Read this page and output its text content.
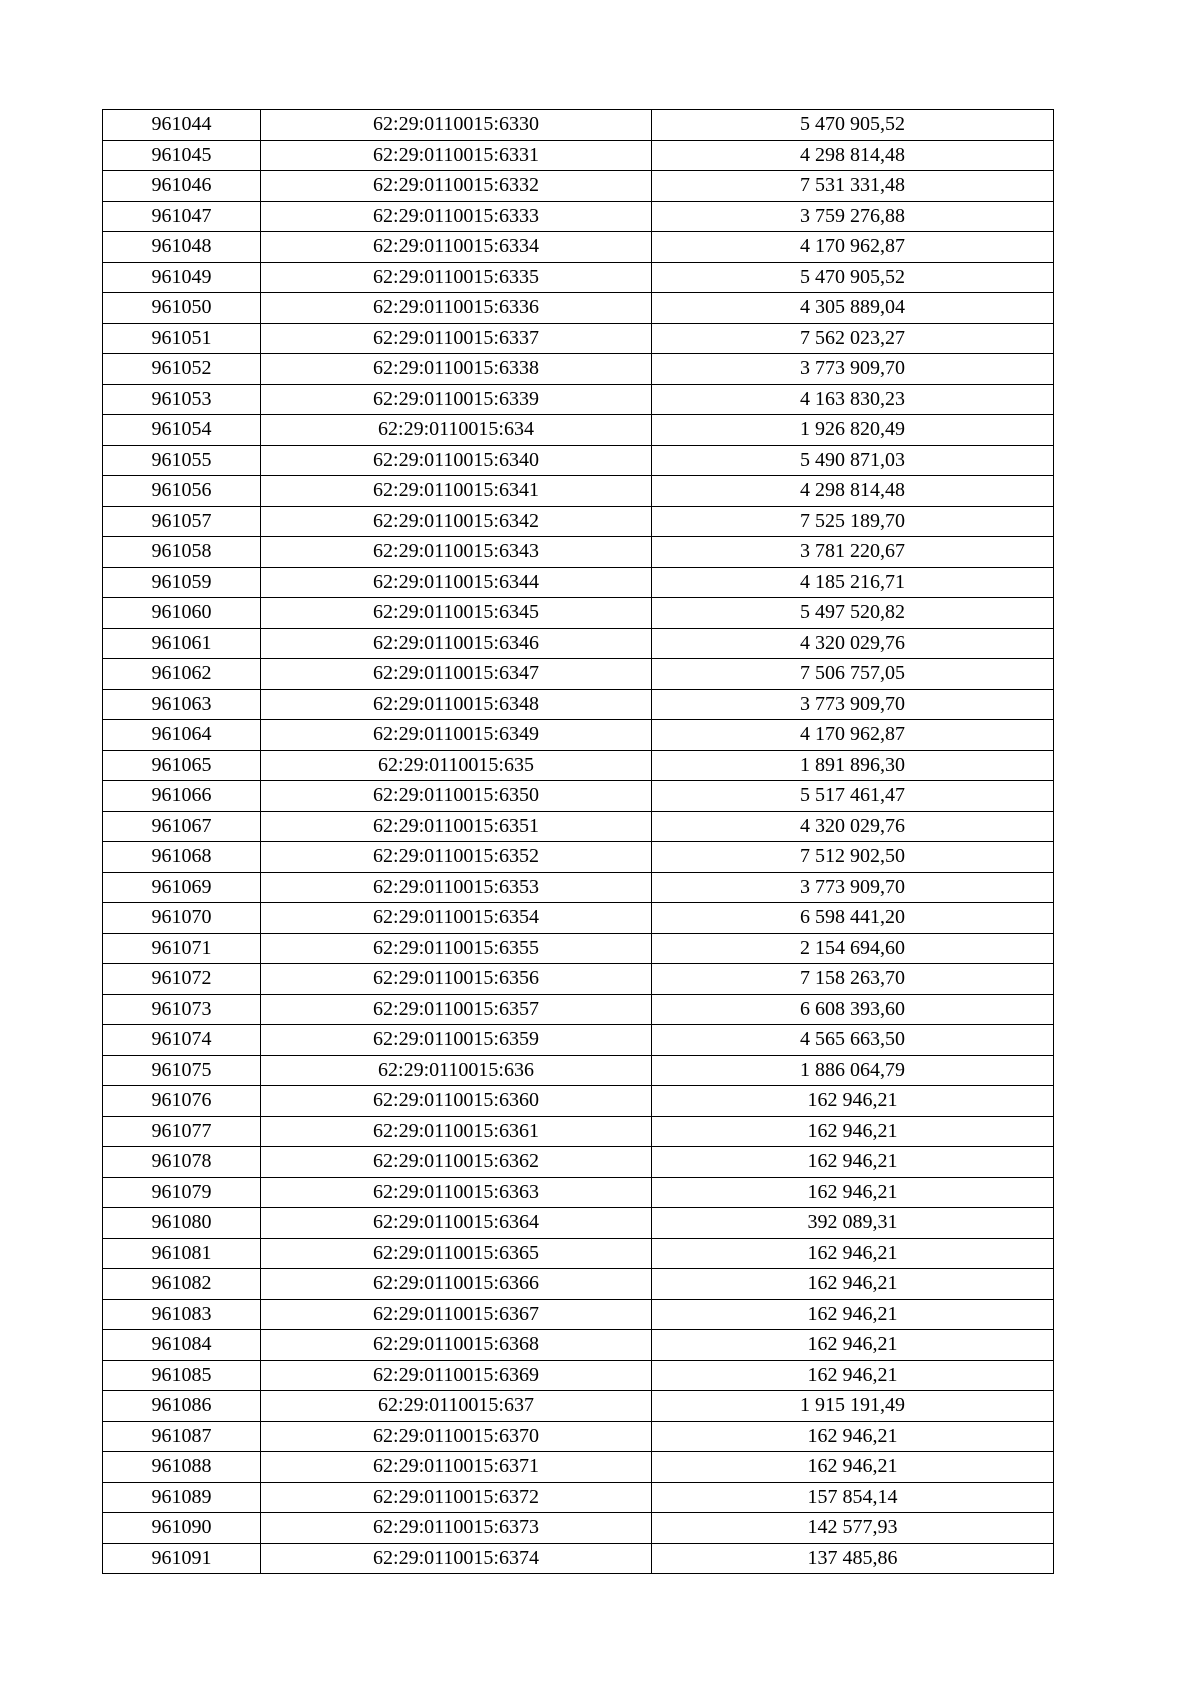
961044	62:29:0110015:6330	5 470 905,52
961045	62:29:0110015:6331	4 298 814,48
961046	62:29:0110015:6332	7 531 331,48
961047	62:29:0110015:6333	3 759 276,88
961048	62:29:0110015:6334	4 170 962,87
961049	62:29:0110015:6335	5 470 905,52
961050	62:29:0110015:6336	4 305 889,04
961051	62:29:0110015:6337	7 562 023,27
961052	62:29:0110015:6338	3 773 909,70
961053	62:29:0110015:6339	4 163 830,23
961054	62:29:0110015:634	1 926 820,49
961055	62:29:0110015:6340	5 490 871,03
961056	62:29:0110015:6341	4 298 814,48
961057	62:29:0110015:6342	7 525 189,70
961058	62:29:0110015:6343	3 781 220,67
961059	62:29:0110015:6344	4 185 216,71
961060	62:29:0110015:6345	5 497 520,82
961061	62:29:0110015:6346	4 320 029,76
961062	62:29:0110015:6347	7 506 757,05
961063	62:29:0110015:6348	3 773 909,70
961064	62:29:0110015:6349	4 170 962,87
961065	62:29:0110015:635	1 891 896,30
961066	62:29:0110015:6350	5 517 461,47
961067	62:29:0110015:6351	4 320 029,76
961068	62:29:0110015:6352	7 512 902,50
961069	62:29:0110015:6353	3 773 909,70
961070	62:29:0110015:6354	6 598 441,20
961071	62:29:0110015:6355	2 154 694,60
961072	62:29:0110015:6356	7 158 263,70
961073	62:29:0110015:6357	6 608 393,60
961074	62:29:0110015:6359	4 565 663,50
961075	62:29:0110015:636	1 886 064,79
961076	62:29:0110015:6360	162 946,21
961077	62:29:0110015:6361	162 946,21
961078	62:29:0110015:6362	162 946,21
961079	62:29:0110015:6363	162 946,21
961080	62:29:0110015:6364	392 089,31
961081	62:29:0110015:6365	162 946,21
961082	62:29:0110015:6366	162 946,21
961083	62:29:0110015:6367	162 946,21
961084	62:29:0110015:6368	162 946,21
961085	62:29:0110015:6369	162 946,21
961086	62:29:0110015:637	1 915 191,49
961087	62:29:0110015:6370	162 946,21
961088	62:29:0110015:6371	162 946,21
961089	62:29:0110015:6372	157 854,14
961090	62:29:0110015:6373	142 577,93
961091	62:29:0110015:6374	137 485,86
